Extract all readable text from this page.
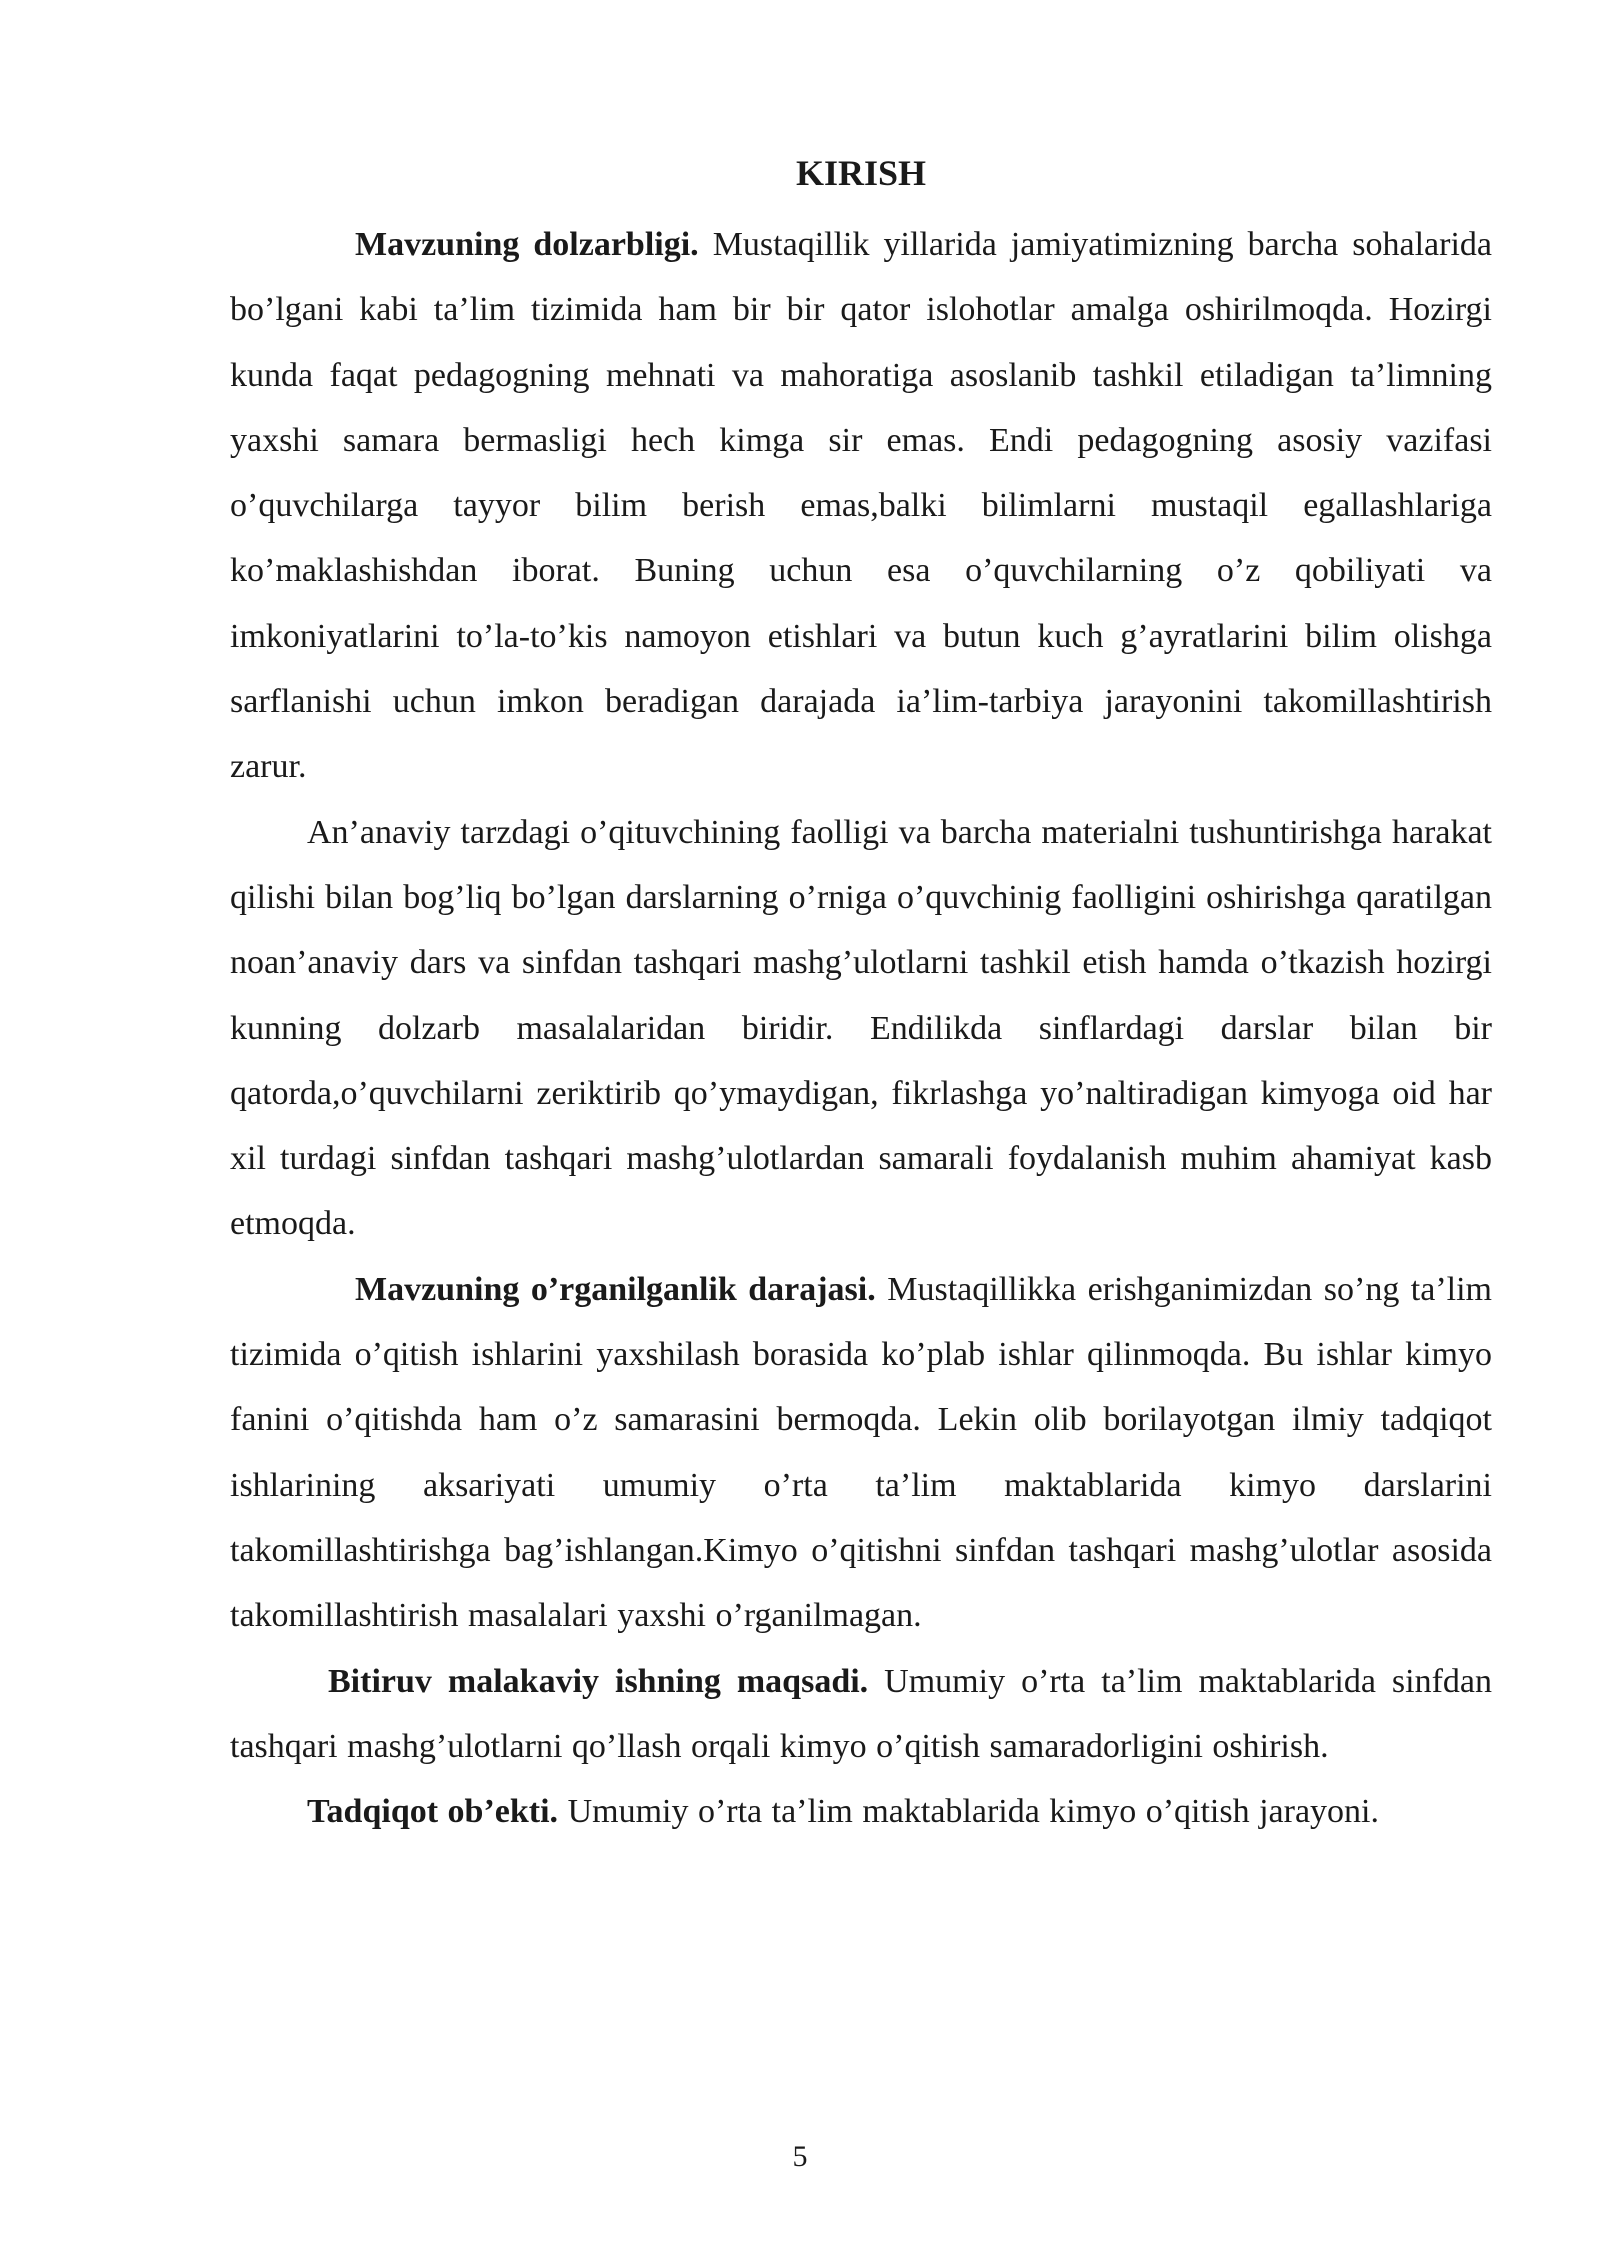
KIRISH

Mavzuning dolzarbligi. Mustaqillik yillarida jamiyatimizning barcha sohalarida bo’lgani kabi ta’lim tizimida ham bir bir qator islohotlar amalga oshirilmoqda. Hozirgi kunda faqat pedagogning mehnati va mahoratiga asoslanib tashkil etiladigan ta’limning yaxshi samara bermasligi hech kimga sir emas. Endi pedagogning asosiy vazifasi o’quvchilarga tayyor bilim berish emas,balki bilimlarni mustaqil egallashlariga ko’maklashishdan iborat. Buning uchun esa o’quvchilarning o’z qobiliyati va imkoniyatlarini to’la-to’kis namoyon etishlari va butun kuch g’ayratlarini bilim olishga sarflanishi uchun imkon beradigan darajada ia’lim-tarbiya jarayonini takomillashtirish zarur.

An’anaviy tarzdagi o’qituvchining faolligi va barcha materialni tushuntirishga harakat qilishi bilan bog’liq bo’lgan darslarning o’rniga o’quvchinig faolligini oshirishga qaratilgan noan’anaviy dars va sinfdan tashqari mashg’ulotlarni tashkil etish hamda o’tkazish hozirgi kunning dolzarb masalalaridan biridir. Endilikda sinflardagi darslar bilan bir qatorda,o’quvchilarni zeriktirib qo’ymaydigan, fikrlashga yo’naltiradigan kimyoga oid har xil turdagi sinfdan tashqari mashg’ulotlardan samarali foydalanish muhim ahamiyat kasb etmoqda.

Mavzuning o’rganilganlik darajasi. Mustaqillikka erishganimizdan so’ng ta’lim tizimida o’qitish ishlarini yaxshilash borasida ko’plab ishlar qilinmoqda. Bu ishlar kimyo fanini o’qitishda ham o’z samarasini bermoqda. Lekin olib borilayotgan ilmiy tadqiqot ishlarining aksariyati umumiy o’rta ta’lim maktablarida kimyo darslarini takomillashtirishga bag’ishlangan.Kimyo o’qitishni sinfdan tashqari mashg’ulotlar asosida takomillashtirish masalalari yaxshi o’rganilmagan.

Bitiruv malakaviy ishning maqsadi. Umumiy o’rta ta’lim maktablarida sinfdan tashqari mashg’ulotlarni qo’llash orqali kimyo o’qitish samaradorligini oshirish.

Tadqiqot ob’ekti. Umumiy o’rta ta’lim maktablarida kimyo o’qitish jarayoni.

5
